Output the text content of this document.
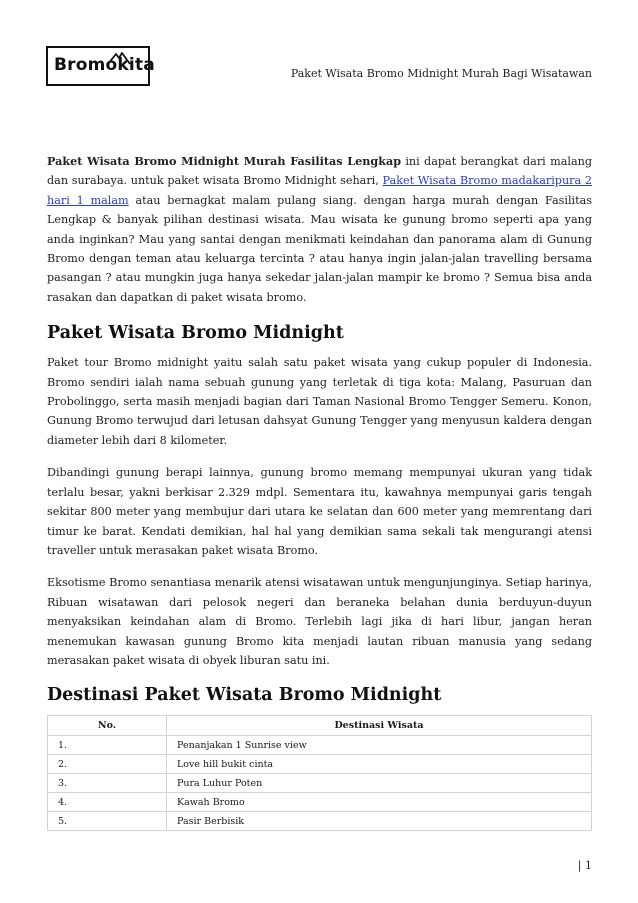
Bromokita	Paket Wisata Bromo Midnight Murah Bagi Wisatawan

Paket Wisata Bromo Midnight Murah Fasilitas Lengkap ini dapat berangkat dari malang dan surabaya. untuk paket wisata Bromo Midnight sehari, Paket Wisata Bromo madakaripura 2 hari 1 malam atau bernagkat malam pulang siang. dengan harga murah dengan Fasilitas Lengkap & banyak pilihan destinasi wisata. Mau wisata ke gunung bromo seperti apa yang anda inginkan? Mau yang santai dengan menikmati keindahan dan panorama alam di Gunung Bromo dengan teman atau keluarga tercinta ? atau hanya ingin jalan-jalan travelling bersama pasangan ? atau mungkin juga hanya sekedar jalan-jalan mampir ke bromo ? Semua bisa anda rasakan dan dapatkan di paket wisata bromo.

Paket Wisata Bromo Midnight

Paket tour Bromo midnight yaitu salah satu paket wisata yang cukup populer di Indonesia. Bromo sendiri ialah nama sebuah gunung yang terletak di tiga kota: Malang, Pasuruan dan Probolinggo, serta masih menjadi bagian dari Taman Nasional Bromo Tengger Semeru. Konon, Gunung Bromo terwujud dari letusan dahsyat Gunung Tengger yang menyusun kaldera dengan diameter lebih dari 8 kilometer.

Dibandingi gunung berapi lainnya, gunung bromo memang mempunyai ukuran yang tidak terlalu besar, yakni berkisar 2.329 mdpl. Sementara itu, kawahnya mempunyai garis tengah sekitar 800 meter yang membujur dari utara ke selatan dan 600 meter yang memrentang dari timur ke barat. Kendati demikian, hal hal yang demikian sama sekali tak mengurangi atensi traveller untuk merasakan paket wisata Bromo.

Eksotisme Bromo senantiasa menarik atensi wisatawan untuk mengunjunginya. Setiap harinya, Ribuan wisatawan dari pelosok negeri dan beraneka belahan dunia berduyun-duyun menyaksikan keindahan alam di Bromo. Terlebih lagi jika di hari libur, jangan heran menemukan kawasan gunung Bromo kita menjadi lautan ribuan manusia yang sedang merasakan paket wisata di obyek liburan satu ini.

Destinasi Paket Wisata Bromo Midnight
No.	Destinasi Wisata
1.	Penanjakan 1 Sunrise view
2.	Love hill bukit cinta
3.	Pura Luhur Poten
4.	Kawah Bromo
5.	Pasir Berbisik
| 1
